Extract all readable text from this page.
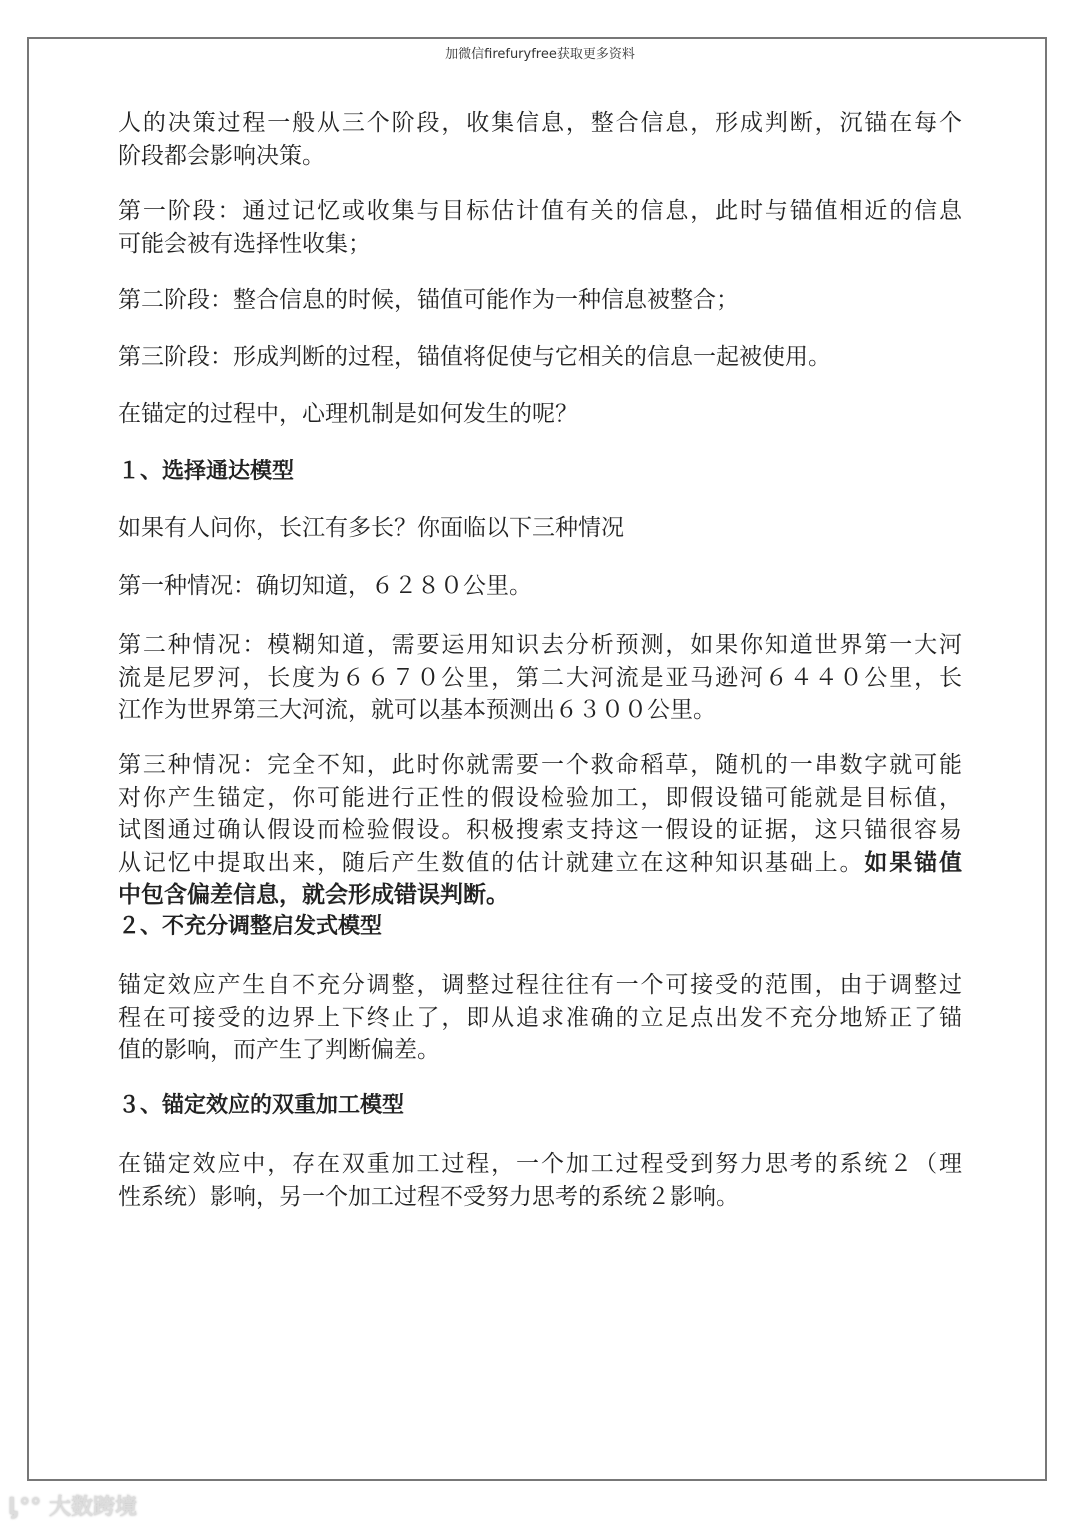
加微信firefuryfree获取更多资料
人的决策过程一般从三个阶段，收集信息，整合信息，形成判断，沉锚在每个
阶段都会影响决策。
第一阶段：通过记忆或收集与目标估计值有关的信息，此时与锚值相近的信息
可能会被有选择性收集；
第二阶段：整合信息的时候，锚值可能作为一种信息被整合；
第三阶段：形成判断的过程，锚值将促使与它相关的信息一起被使用。
在锚定的过程中，心理机制是如何发生的呢？
１、选择通达模型
如果有人问你，长江有多长？你面临以下三种情况
第一种情况：确切知道，６２８０公里。
第二种情况：模糊知道，需要运用知识去分析预测，如果你知道世界第一大河
流是尼罗河，长度为６６７０公里，第二大河流是亚马逊河６４４０公里，长
江作为世界第三大河流，就可以基本预测出６３００公里。
第三种情况：完全不知，此时你就需要一个救命稻草，随机的一串数字就可能
对你产生锚定，你可能进行正性的假设检验加工，即假设锚可能就是目标值，
试图通过确认假设而检验假设。积极搜索支持这一假设的证据，这只锚很容易
从记忆中提取出来，随后产生数值的估计就建立在这种知识基础上。如果锚值
中包含偏差信息，就会形成错误判断。
２、不充分调整启发式模型
锚定效应产生自不充分调整，调整过程往往有一个可接受的范围，由于调整过
程在可接受的边界上下终止了，即从追求准确的立足点出发不充分地矫正了锚
值的影响，而产生了判断偏差。
３、锚定效应的双重加工模型
在锚定效应中，存在双重加工过程，一个加工过程受到努力思考的系统２（理
性系统）影响，另一个加工过程不受努力思考的系统２影响。
ᶅ°° 大数跨境
